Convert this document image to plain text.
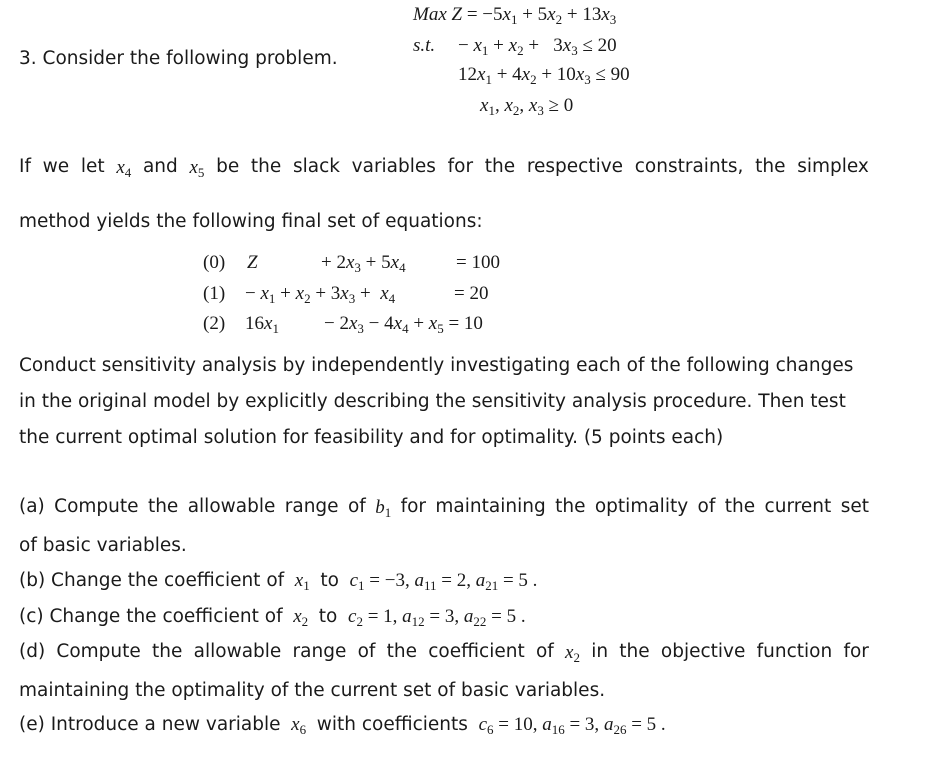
3. Consider the following problem.
Max $Z = -5x_1 + 5x_2 + 13x_3$
s.t. − $x_1 + x_2 + 3x_3 \le 20$
$12x_1 + 4x_2 + 10x_3 \le 90$
$x_1$, $x_2$, $x_3 \ge 0$
If we let $x_4$ and $x_5$ be the slack variables for the respective constraints, the simplex
method yields the following final set of equations:
(0) Z	+ $2x_3 + 5x_4$	= 100
$(1) - x_1 + x_2 + 3x_3 + x_4$	= 20
(2) $16x_1 - 2x_3 - 4x_4 + x_5 = 10$
Conduct sensitivity analysis by independently investigating each of the following changes
in the original model by explicitly describing the sensitivity analysis procedure. Then test
the current optimal solution for feasibility and for optimality. (5 points each)
(a) Compute the allowable range of $b_1$ for maintaining the optimality of the current set
of basic variables.
(b) Change the coefficient of  $x_1$  to  $c_1 = -3$, $a_{11} = 2$, $a_{21} = 5$ .
(c) Change the coefficient of  $x_2$  to  $c_2 = 1$, $a_{12} = 3$, $a_{22} = 5$ .
(d) Compute the allowable range of the coefficient of $x_2$ in the objective function for
maintaining the optimality of the current set of basic variables.
(e) Introduce a new variable  $x_6$  with coefficients  $c_6 = 10$, $a_{16} = 3$, $a_{26} = 5$ .
